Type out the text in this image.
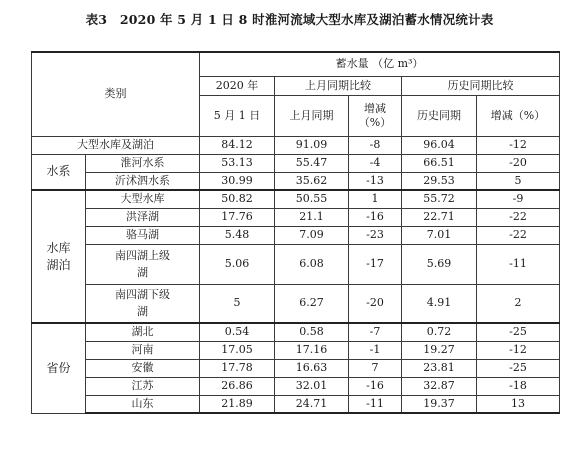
表3　2020 年 5 月 1 日 8 时淮河流域大型水库及湖泊蓄水情况统计表
类别		蓄水量 （亿 m³）				
		2020 年	上月同期比较		历史同期比较	
		5 月 1 日	上月同期	增减（%）	历史同期	增减（%）
大型水库及湖泊		84.12	91.09	-8	96.04	-12
水系	淮河水系	53.13	55.47	-4	66.51	-20
	沂沭泗水系	30.99	35.62	-13	29.53	5
水库湖泊	大型水库	50.82	50.55	1	55.72	-9
	洪泽湖	17.76	21.1	-16	22.71	-22
	骆马湖	5.48	7.09	-23	7.01	-22
	南四湖上级湖	5.06	6.08	-17	5.69	-11
	南四湖下级湖	5	6.27	-20	4.91	2
省份	湖北	0.54	0.58	-7	0.72	-25
	河南	17.05	17.16	-1	19.27	-12
	安徽	17.78	16.63	7	23.81	-25
	江苏	26.86	32.01	-16	32.87	-18
	山东	21.89	24.71	-11	19.37	13
